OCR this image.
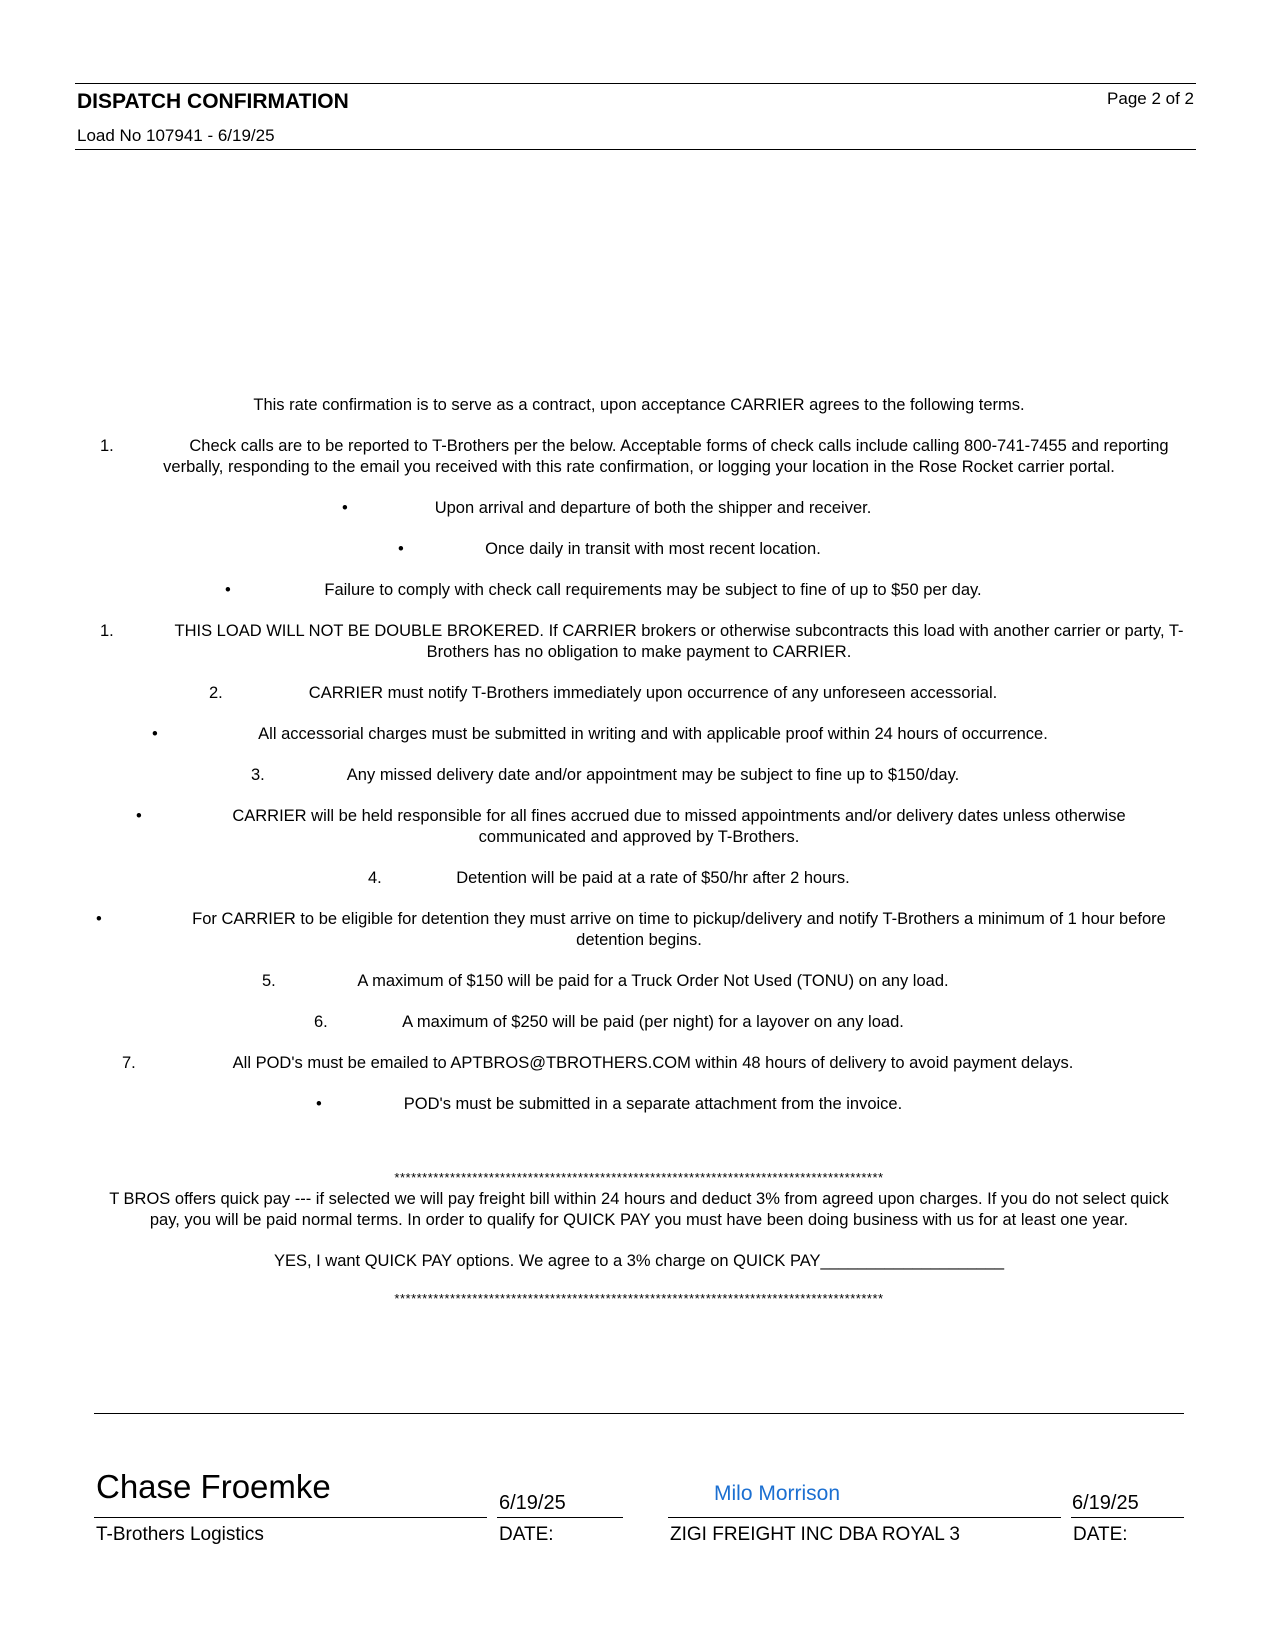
DISPATCH CONFIRMATION	Page 2 of 2
Load No 107941 - 6/19/25
This rate confirmation is to serve as a contract, upon acceptance CARRIER agrees to the following terms.
1.	Check calls are to be reported to T-Brothers per the below. Acceptable forms of check calls include calling 800-741-7455 and reporting verbally, responding to the email you received with this rate confirmation, or logging your location in the Rose Rocket carrier portal.
•	Upon arrival and departure of both the shipper and receiver.
•	Once daily in transit with most recent location.
•	Failure to comply with check call requirements may be subject to fine of up to $50 per day.
1.	THIS LOAD WILL NOT BE DOUBLE BROKERED. If CARRIER brokers or otherwise subcontracts this load with another carrier or party, T-Brothers has no obligation to make payment to CARRIER.
2.	CARRIER must notify T-Brothers immediately upon occurrence of any unforeseen accessorial.
•	All accessorial charges must be submitted in writing and with applicable proof within 24 hours of occurrence.
3.	Any missed delivery date and/or appointment may be subject to fine up to $150/day.
•	CARRIER will be held responsible for all fines accrued due to missed appointments and/or delivery dates unless otherwise communicated and approved by T-Brothers.
4.	Detention will be paid at a rate of $50/hr after 2 hours.
•	For CARRIER to be eligible for detention they must arrive on time to pickup/delivery and notify T-Brothers a minimum of 1 hour before detention begins.
5.	A maximum of $150 will be paid for a Truck Order Not Used (TONU) on any load.
6.	A maximum of $250 will be paid (per night) for a layover on any load.
7.	All POD's must be emailed to APTBROS@TBROTHERS.COM within 48 hours of delivery to avoid payment delays.
•	POD's must be submitted in a separate attachment from the invoice.
****************************************************************************************
T BROS offers quick pay --- if selected we will pay freight bill within 24 hours and deduct 3% from agreed upon charges. If you do not select quick pay, you will be paid normal terms. In order to qualify for QUICK PAY you must have been doing business with us for at least one year.
YES, I want QUICK PAY options. We agree to a 3% charge on QUICK PAY____________________
****************************************************************************************
Chase Froemke	6/19/25	Milo Morrison	6/19/25
T-Brothers Logistics	DATE:	ZIGI FREIGHT INC DBA ROYAL 3	DATE:
